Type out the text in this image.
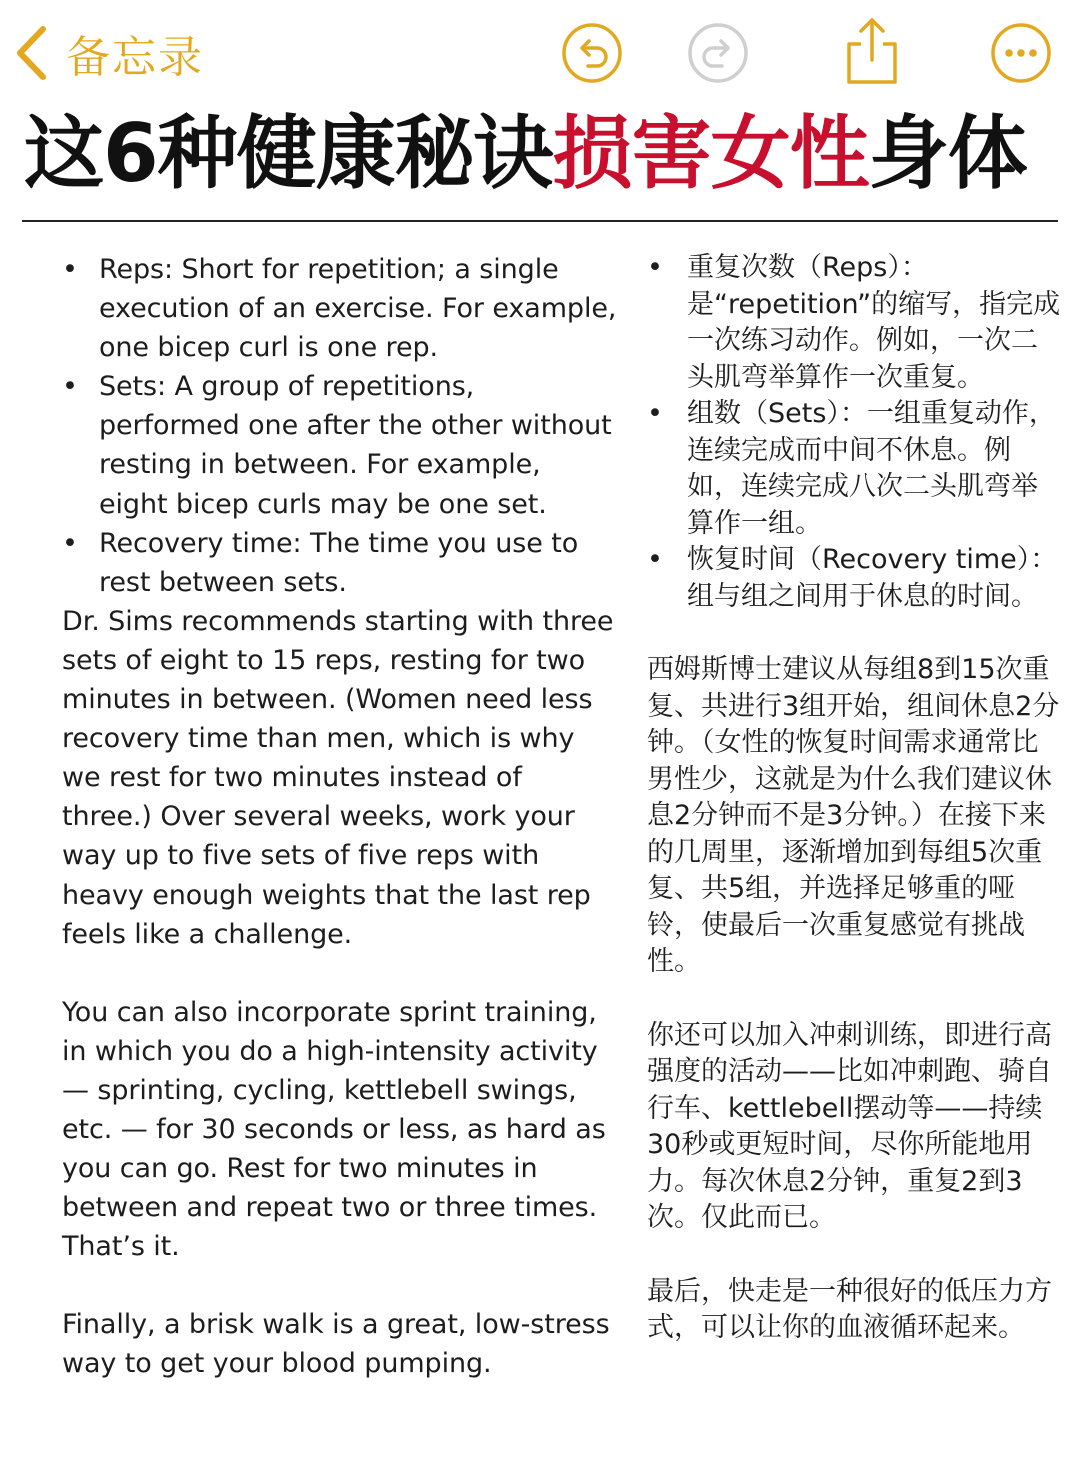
备忘录
这6种健康秘诀损害女性身体
• Reps: Short for repetition; a single execution of an exercise. For example, one bicep curl is one rep.
• Sets: A group of repetitions, performed one after the other without resting in between. For example, eight bicep curls may be one set.
• Recovery time: The time you use to rest between sets.

Dr. Sims recommends starting with three sets of eight to 15 reps, resting for two minutes in between. (Women need less recovery time than men, which is why we rest for two minutes instead of three.) Over several weeks, work your way up to five sets of five reps with heavy enough weights that the last rep feels like a challenge.

You can also incorporate sprint training, in which you do a high-intensity activity — sprinting, cycling, kettlebell swings, etc. — for 30 seconds or less, as hard as you can go. Rest for two minutes in between and repeat two or three times. That’s it.

Finally, a brisk walk is a great, low-stress way to get your blood pumping.

• 重复次数（Reps）：是“repetition”的缩写，指完成一次练习动作。例如，一次二头肌弯举算作一次重复。
• 组数（Sets）：一组重复动作，连续完成而中间不休息。例如，连续完成八次二头肌弯举算作一组。
• 恢复时间（Recovery time）：组与组之间用于休息的时间。

西姆斯博士建议从每组8到15次重复、共进行3组开始，组间休息2分钟。（女性的恢复时间需求通常比男性少，这就是为什么我们建议休息2分钟而不是3分钟。）在接下来的几周里，逐渐增加到每组5次重复、共5组，并选择足够重的哑铃，使最后一次重复感觉有挑战性。

你还可以加入冲刺训练，即进行高强度的活动——比如冲刺跑、骑自行车、kettlebell摆动等——持续30秒或更短时间，尽你所能地用力。每次休息2分钟，重复2到3次。仅此而已。

最后，快走是一种很好的低压力方式，可以让你的血液循环起来。
